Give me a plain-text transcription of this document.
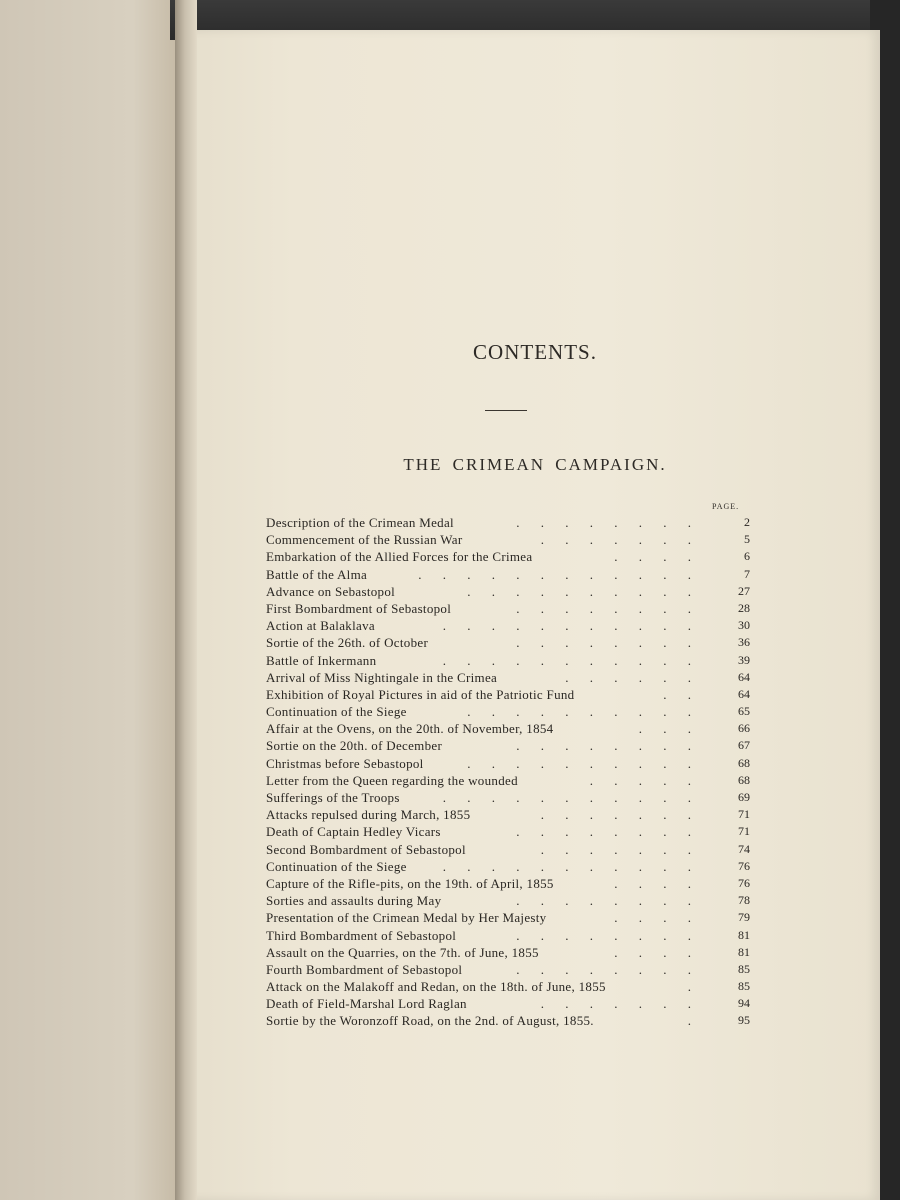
CONTENTS.
THE CRIMEAN CAMPAIGN.
PAGE.
Description of the Crimean Medal	. . . . . . . .	2
Commencement of the Russian War	. . . . . . .	5
Embarkation of the Allied Forces for the Crimea	. . . .	6
Battle of the Alma	. . . . . . . . . . . .	7
Advance on Sebastopol	. . . . . . . . . .	27
First Bombardment of Sebastopol	. . . . . . . .	28
Action at Balaklava	. . . . . . . . . . .	30
Sortie of the 26th. of October	. . . . . . . .	36
Battle of Inkermann	. . . . . . . . . . .	39
Arrival of Miss Nightingale in the Crimea	. . . . . .	64
Exhibition of Royal Pictures in aid of the Patriotic Fund	. .	64
Continuation of the Siege	. . . . . . . . . .	65
Affair at the Ovens, on the 20th. of November, 1854	. . .	66
Sortie on the 20th. of December	. . . . . . . .	67
Christmas before Sebastopol	. . . . . . . . . .	68
Letter from the Queen regarding the wounded	. . . . .	68
Sufferings of the Troops	. . . . . . . . . . .	69
Attacks repulsed during March, 1855	. . . . . . .	71
Death of Captain Hedley Vicars	. . . . . . . .	71
Second Bombardment of Sebastopol	. . . . . . .	74
Continuation of the Siege	. . . . . . . . . . .	76
Capture of the Rifle-pits, on the 19th. of April, 1855	. . . .	76
Sorties and assaults during May	. . . . . . . .	78
Presentation of the Crimean Medal by Her Majesty	. . . .	79
Third Bombardment of Sebastopol	. . . . . . . .	81
Assault on the Quarries, on the 7th. of June, 1855	. . . .	81
Fourth Bombardment of Sebastopol	. . . . . . . .	85
Attack on the Malakoff and Redan, on the 18th. of June, 1855	.	85
Death of Field-Marshal Lord Raglan	. . . . . . .	94
Sortie by the Woronzoff Road, on the 2nd. of August, 1855.	.	95
